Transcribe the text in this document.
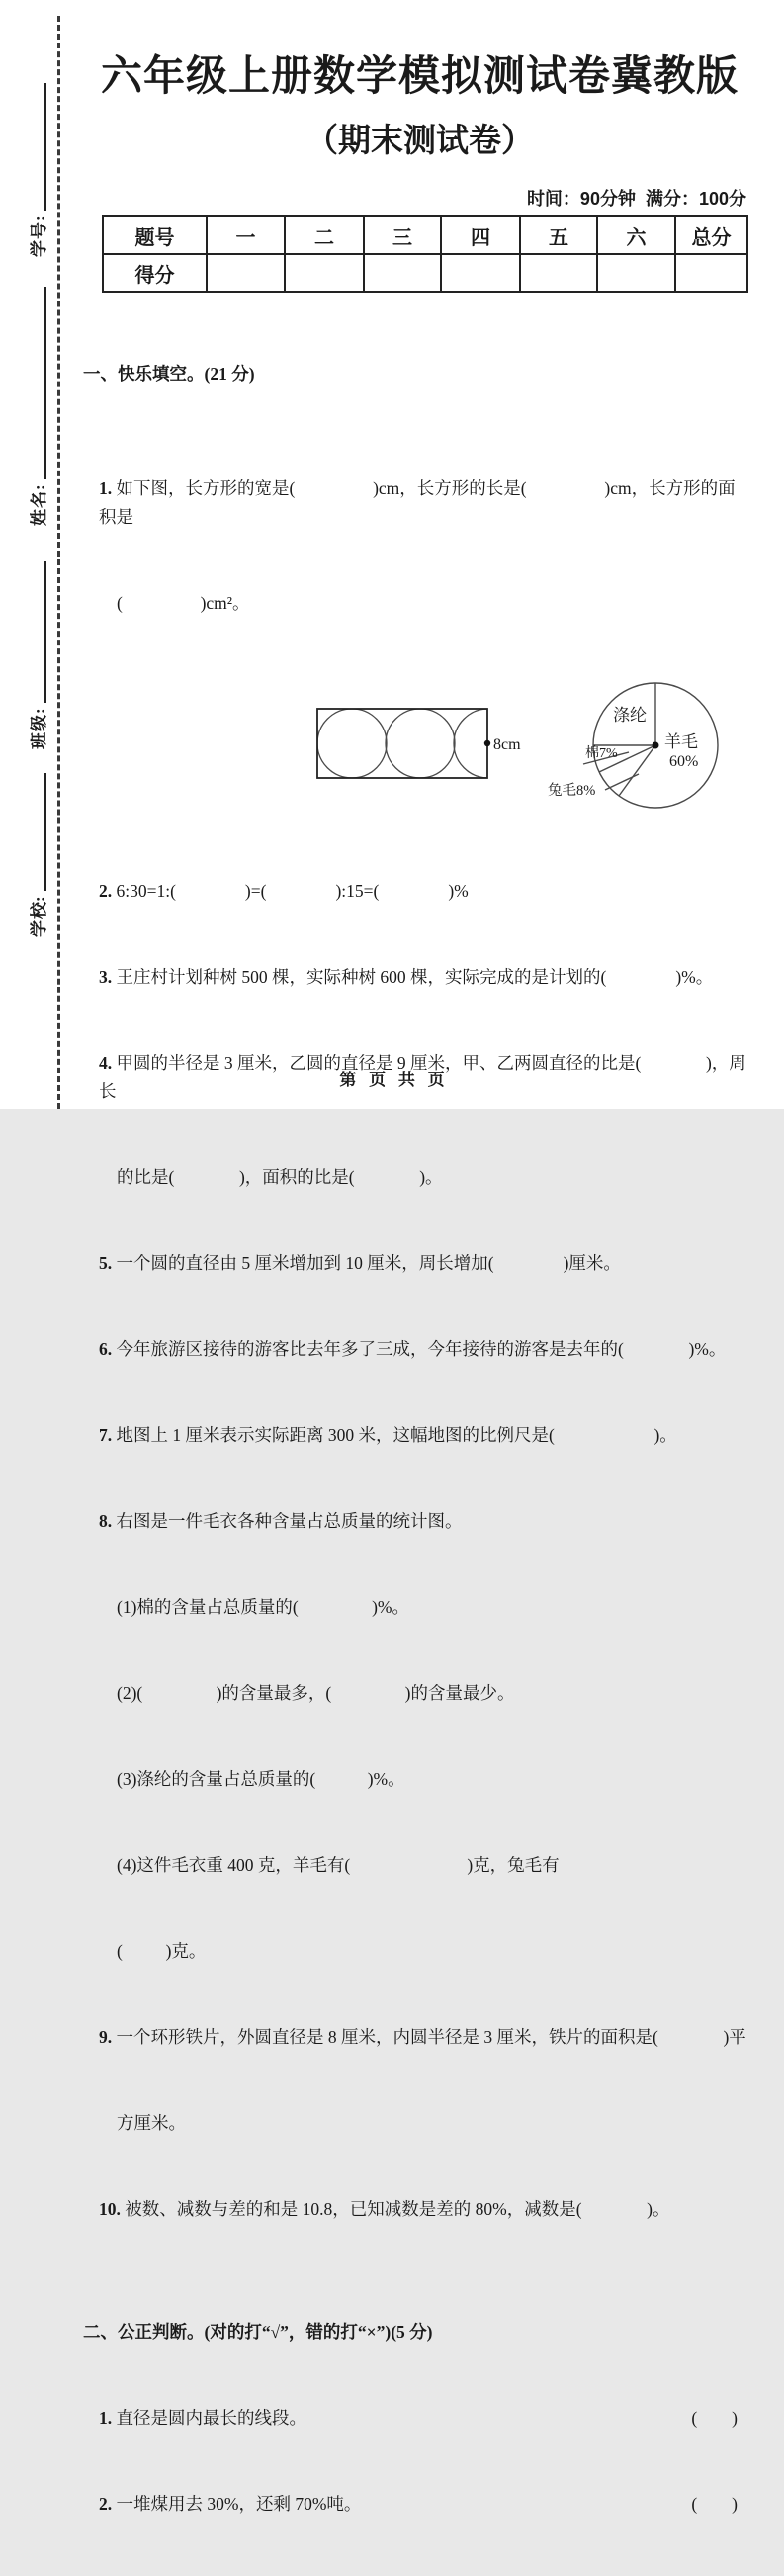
学号:
姓名:
班级:
学校:
六年级上册数学模拟测试卷冀教版
（期末测试卷）
时间：90分钟  满分：100分
题号	一	二	三	四	五	六	总分
得分							

一、快乐填空。(21 分)

1. 如下图，长方形的宽是(                  )cm，长方形的长是(                  )cm，长方形的面积是

(                  )cm²。

8cm

2. 6:30=1:(                )=(                ):15=(                )%

3. 王庄村计划种树 500 棵，实际种树 600 棵，实际完成的是计划的(                )%。

4. 甲圆的半径是 3 厘米，乙圆的直径是 9 厘米，甲、乙两圆直径的比是(               )，周长

的比是(               )，面积的比是(               )。

5. 一个圆的直径由 5 厘米增加到 10 厘米，周长增加(                )厘米。

6. 今年旅游区接待的游客比去年多了三成，今年接待的游客是去年的(               )%。

7. 地图上 1 厘米表示实际距离 300 米，这幅地图的比例尺是(                       )。

8. 右图是一件毛衣各种含量占总质量的统计图。

(1)棉的含量占总质量的(                 )%。

(2)(                 )的含量最多，(                 )的含量最少。

(3)涤纶的含量占总质量的(            )%。

(4)这件毛衣重 400 克，羊毛有(                           )克，兔毛有

(          )克。

9. 一个环形铁片，外圆直径是 8 厘米，内圆半径是 3 厘米，铁片的面积是(               )平

方厘米。

10. 被数、减数与差的和是 10.8，已知减数是差的 80%，减数是(               )。

二、公正判断。(对的打“√”，错的打“×”)(5 分)

1. 直径是圆内最长的线段。	(        )

2. 一堆煤用去 30%，还剩 70%吨。	(        )

涤纶
羊毛
60%
棉7%
兔毛8%
第   页   共   页
